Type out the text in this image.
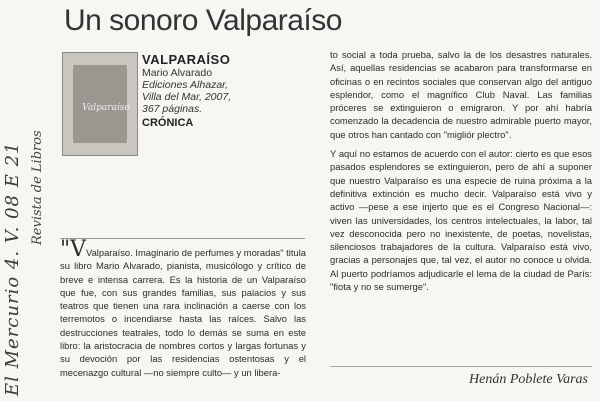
El Mercurio 4. V. 08 E 21 Revista de Libros
Un sonoro Valparaíso
Valparaíso
VALPARAÍSO
Mario Alvarado
Ediciones Alhazar,
Villa del Mar, 2007,
367 páginas.
CRÓNICA

"VValparaíso. Imaginario de perfumes y moradas" titula su libro Mario Alvarado, pianista, musicólogo y crítico de breve e intensa carrera. Es la historia de un Valparaíso que fue, con sus grandes familias, sus palacios y sus teatros que tienen una rara inclinación a caerse con los terremotos o incendiarse hasta las raíces. Salvo las destrucciones teatrales, todo lo demás se suma en este libro: la aristocracia de nombres cortos y largas fortunas y su devoción por las residencias ostentosas y el mecenazgo cultural —no siempre culto— y un libera-

to social a toda prueba, salvo la de los desastres naturales. Así, aquellas residencias se acabaron para transformarse en oficinas o en recintos sociales que conservan algo del antiguo esplendor, como el magnífico Club Naval. Las familias próceres se extinguieron o emigraron. Y por ahí habría comenzado la decadencia de nuestro admirable puerto mayor, que otros han cantado con "migliór plectro".

Y aquí no estamos de acuerdo con el autor: cierto es que esos pasados esplendores se extinguieron, pero de ahí a suponer que nuestro Valparaíso es una especie de ruina próxima a la definitiva extinción es mucho decir. Valparaíso está vivo y activo —pese a ese injerto que es el Congreso Nacional—: viven las universidades, los centros intelectuales, la labor, tal vez desconocida pero no inexistente, de poetas, novelistas, silenciosos trabajadores de la cultura. Valparaíso está vivo, gracias a personajes que, tal vez, el autor no conoce u olvida. Al puerto podríamos adjudicarle el lema de la ciudad de París: "fiota y no se sumerge".

Henán Poblete Varas
